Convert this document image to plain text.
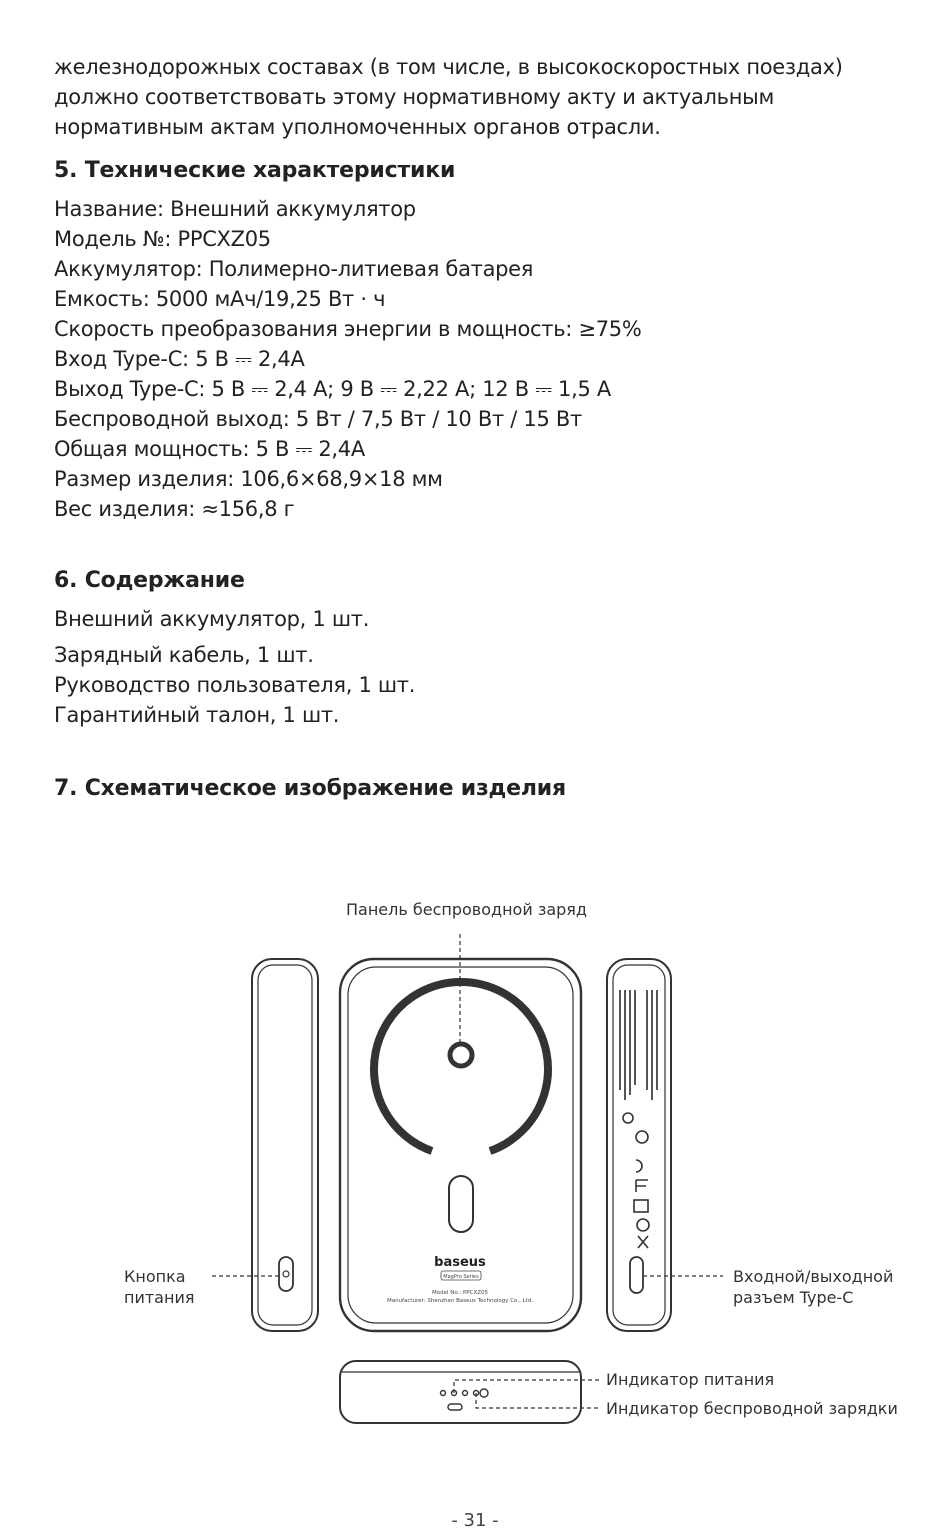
железнодорожных составах (в том числе, в высокоскоростных поездах)
должно соответствовать этому нормативному акту и актуальным
нормативным актам уполномоченных органов отрасли.
5. Технические характеристики
Название: Внешний аккумулятор
Модель №: PPCXZ05
Аккумулятор: Полимерно-литиевая батарея
Емкость: 5000 мАч/19,25 Вт · ч
Скорость преобразования энергии в мощность: ≥75%
Вход Type-C: 5 В ⎓ 2,4А
Выход Type-C: 5 В ⎓ 2,4 А; 9 В ⎓ 2,22 А; 12 В ⎓ 1,5 А
Беспроводной выход: 5 Вт / 7,5 Вт / 10 Вт / 15 Вт
Общая мощность: 5 В ⎓ 2,4А
Размер изделия: 106,6×68,9×18 мм
Вес изделия: ≈156,8 г
6. Содержание
Внешний аккумулятор, 1 шт.
Зарядный кабель, 1 шт.
Руководство пользователя, 1 шт.
Гарантийный талон, 1 шт.
7. Схематическое изображение изделия
baseus
MagPro Series
Model No.: PPCXZ05
Manufacturer: Shenzhen Baseus Technology Co., Ltd.
Панель беспроводной заряд
Кнопка
питания
Входной/выходной
разъем Type-C
Индикатор питания
Индикатор беспроводной зарядки
- 31 -
